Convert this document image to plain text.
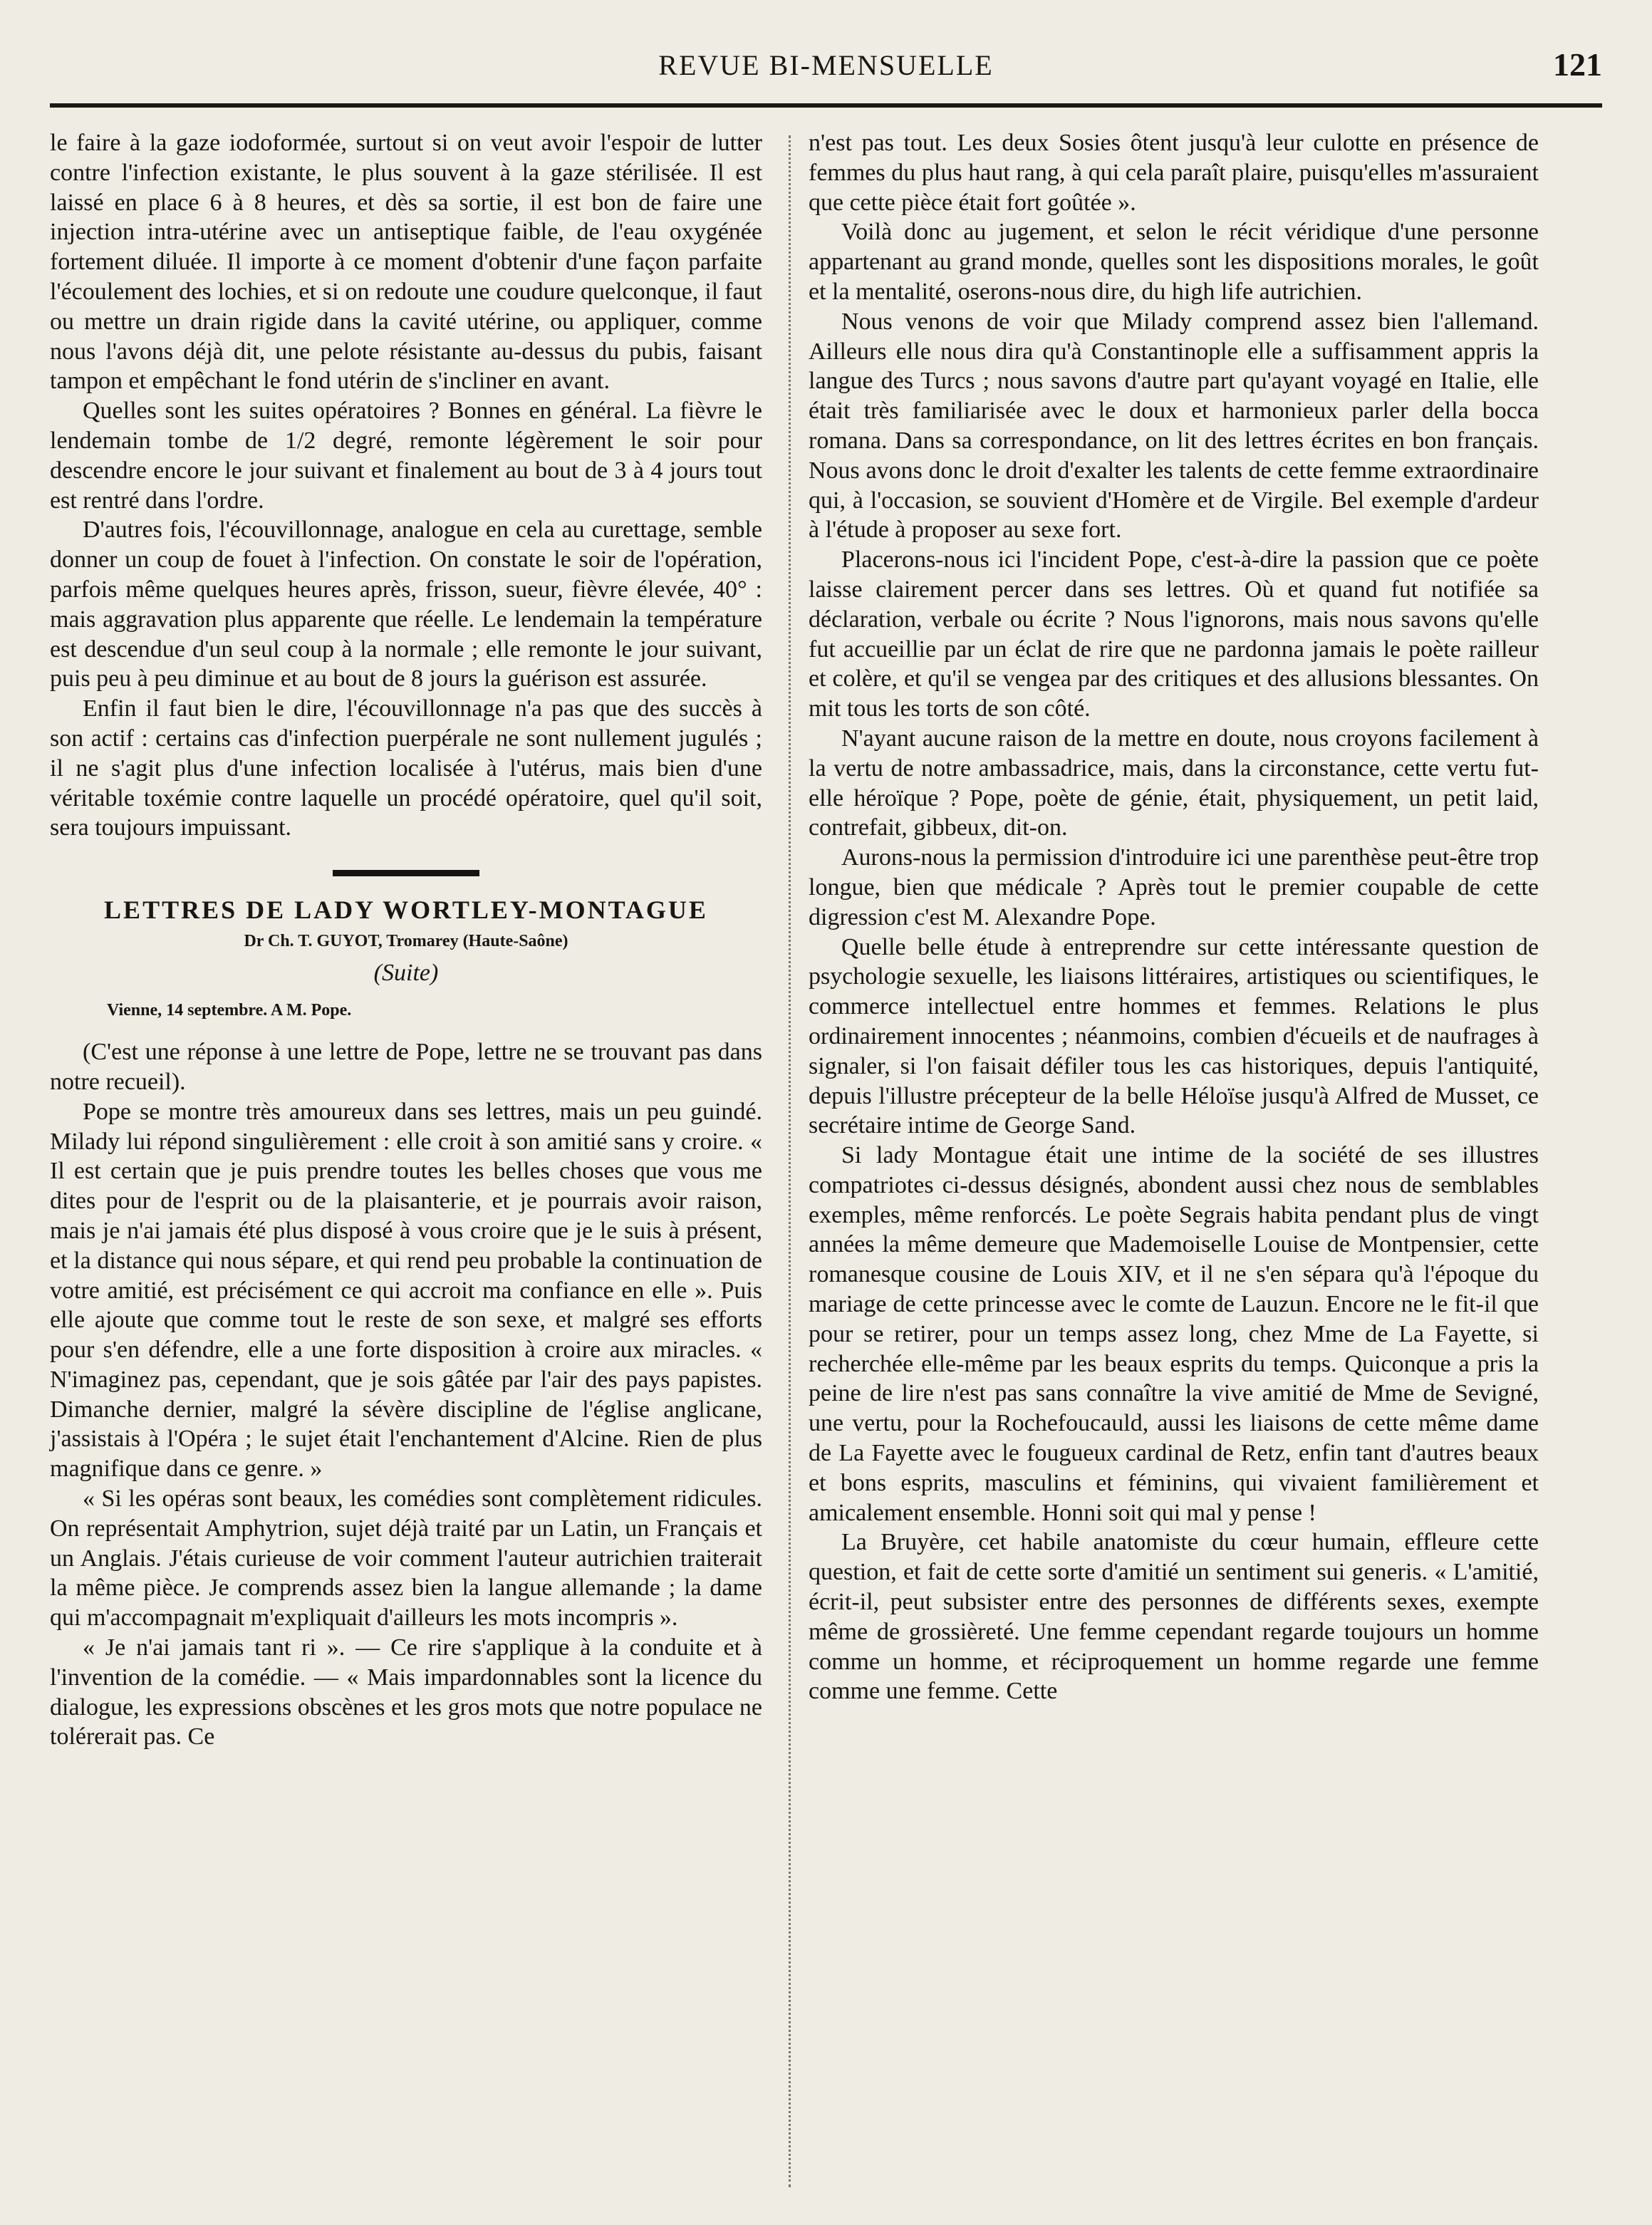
REVUE BI-MENSUELLE	121

le faire à la gaze iodoformée, surtout si on veut avoir l'espoir de lutter contre l'infection existante, le plus souvent à la gaze stérilisée. Il est laissé en place 6 à 8 heures, et dès sa sortie, il est bon de faire une injection intra-utérine avec un antiseptique faible, de l'eau oxygénée fortement diluée. Il importe à ce moment d'obtenir d'une façon parfaite l'écoulement des lochies, et si on redoute une coudure quelconque, il faut ou mettre un drain rigide dans la cavité utérine, ou appliquer, comme nous l'avons déjà dit, une pelote résistante au-dessus du pubis, faisant tampon et empêchant le fond utérin de s'incliner en avant.

Quelles sont les suites opératoires ? Bonnes en général. La fièvre le lendemain tombe de 1/2 degré, remonte légèrement le soir pour descendre encore le jour suivant et finalement au bout de 3 à 4 jours tout est rentré dans l'ordre.

D'autres fois, l'écouvillonnage, analogue en cela au curettage, semble donner un coup de fouet à l'infection. On constate le soir de l'opération, parfois même quelques heures après, frisson, sueur, fièvre élevée, 40° : mais aggravation plus apparente que réelle. Le lendemain la température est descendue d'un seul coup à la normale ; elle remonte le jour suivant, puis peu à peu diminue et au bout de 8 jours la guérison est assurée.

Enfin il faut bien le dire, l'écouvillonnage n'a pas que des succès à son actif : certains cas d'infection puerpérale ne sont nullement jugulés ; il ne s'agit plus d'une infection localisée à l'utérus, mais bien d'une véritable toxémie contre laquelle un procédé opératoire, quel qu'il soit, sera toujours impuissant.

LETTRES DE LADY WORTLEY-MONTAGUE
Dr Ch. T. GUYOT, Tromarey (Haute-Saône)
(Suite)
Vienne, 14 septembre. A M. Pope.

(C'est une réponse à une lettre de Pope, lettre ne se trouvant pas dans notre recueil).

Pope se montre très amoureux dans ses lettres, mais un peu guindé. Milady lui répond singulièrement : elle croit à son amitié sans y croire. « Il est certain que je puis prendre toutes les belles choses que vous me dites pour de l'esprit ou de la plaisanterie, et je pourrais avoir raison, mais je n'ai jamais été plus disposé à vous croire que je le suis à présent, et la distance qui nous sépare, et qui rend peu probable la continuation de votre amitié, est précisément ce qui accroit ma confiance en elle ». Puis elle ajoute que comme tout le reste de son sexe, et malgré ses efforts pour s'en défendre, elle a une forte disposition à croire aux miracles. « N'imaginez pas, cependant, que je sois gâtée par l'air des pays papistes. Dimanche dernier, malgré la sévère discipline de l'église anglicane, j'assistais à l'Opéra ; le sujet était l'enchantement d'Alcine. Rien de plus magnifique dans ce genre. »

« Si les opéras sont beaux, les comédies sont complètement ridicules. On représentait Amphytrion, sujet déjà traité par un Latin, un Français et un Anglais. J'étais curieuse de voir comment l'auteur autrichien traiterait la même pièce. Je comprends assez bien la langue allemande ; la dame qui m'accompagnait m'expliquait d'ailleurs les mots incompris ».

« Je n'ai jamais tant ri ». — Ce rire s'applique à la conduite et à l'invention de la comédie. — « Mais impardonnables sont la licence du dialogue, les expressions obscènes et les gros mots que notre populace ne tolérerait pas. Ce

n'est pas tout. Les deux Sosies ôtent jusqu'à leur culotte en présence de femmes du plus haut rang, à qui cela paraît plaire, puisqu'elles m'assuraient que cette pièce était fort goûtée ».

Voilà donc au jugement, et selon le récit véridique d'une personne appartenant au grand monde, quelles sont les dispositions morales, le goût et la mentalité, oserons-nous dire, du high life autrichien.

Nous venons de voir que Milady comprend assez bien l'allemand. Ailleurs elle nous dira qu'à Constantinople elle a suffisamment appris la langue des Turcs ; nous savons d'autre part qu'ayant voyagé en Italie, elle était très familiarisée avec le doux et harmonieux parler della bocca romana. Dans sa correspondance, on lit des lettres écrites en bon français. Nous avons donc le droit d'exalter les talents de cette femme extraordinaire qui, à l'occasion, se souvient d'Homère et de Virgile. Bel exemple d'ardeur à l'étude à proposer au sexe fort.

Placerons-nous ici l'incident Pope, c'est-à-dire la passion que ce poète laisse clairement percer dans ses lettres. Où et quand fut notifiée sa déclaration, verbale ou écrite ? Nous l'ignorons, mais nous savons qu'elle fut accueillie par un éclat de rire que ne pardonna jamais le poète railleur et colère, et qu'il se vengea par des critiques et des allusions blessantes. On mit tous les torts de son côté.

N'ayant aucune raison de la mettre en doute, nous croyons facilement à la vertu de notre ambassadrice, mais, dans la circonstance, cette vertu fut-elle héroïque ? Pope, poète de génie, était, physiquement, un petit laid, contrefait, gibbeux, dit-on.

Aurons-nous la permission d'introduire ici une parenthèse peut-être trop longue, bien que médicale ? Après tout le premier coupable de cette digression c'est M. Alexandre Pope.

Quelle belle étude à entreprendre sur cette intéressante question de psychologie sexuelle, les liaisons littéraires, artistiques ou scientifiques, le commerce intellectuel entre hommes et femmes. Relations le plus ordinairement innocentes ; néanmoins, combien d'écueils et de naufrages à signaler, si l'on faisait défiler tous les cas historiques, depuis l'antiquité, depuis l'illustre précepteur de la belle Héloïse jusqu'à Alfred de Musset, ce secrétaire intime de George Sand.

Si lady Montague était une intime de la société de ses illustres compatriotes ci-dessus désignés, abondent aussi chez nous de semblables exemples, même renforcés. Le poète Segrais habita pendant plus de vingt années la même demeure que Mademoiselle Louise de Montpensier, cette romanesque cousine de Louis XIV, et il ne s'en sépara qu'à l'époque du mariage de cette princesse avec le comte de Lauzun. Encore ne le fit-il que pour se retirer, pour un temps assez long, chez Mme de La Fayette, si recherchée elle-même par les beaux esprits du temps. Quiconque a pris la peine de lire n'est pas sans connaître la vive amitié de Mme de Sevigné, une vertu, pour la Rochefoucauld, aussi les liaisons de cette même dame de La Fayette avec le fougueux cardinal de Retz, enfin tant d'autres beaux et bons esprits, masculins et féminins, qui vivaient familièrement et amicalement ensemble. Honni soit qui mal y pense !

La Bruyère, cet habile anatomiste du cœur humain, effleure cette question, et fait de cette sorte d'amitié un sentiment sui generis. « L'amitié, écrit-il, peut subsister entre des personnes de différents sexes, exempte même de grossièreté. Une femme cependant regarde toujours un homme comme un homme, et réciproquement un homme regarde une femme comme une femme. Cette
